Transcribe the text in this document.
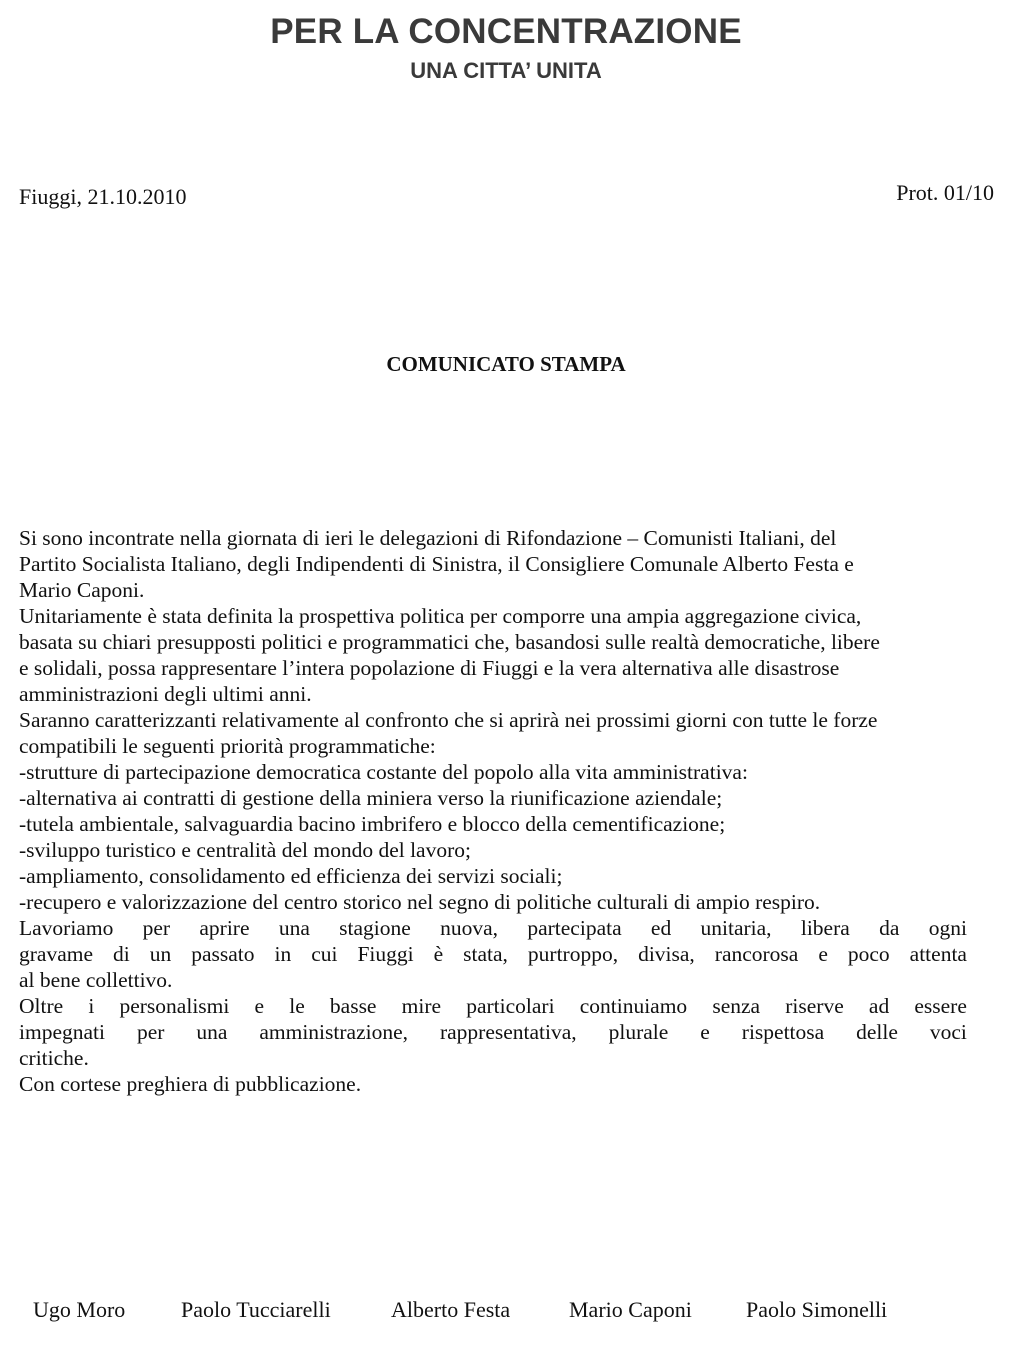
PER LA CONCENTRAZIONE
UNA CITTA’ UNITA
Fiuggi, 21.10.2010	Prot. 01/10
COMUNICATO STAMPA
Si sono incontrate nella giornata di ieri le delegazioni di Rifondazione – Comunisti Italiani, del
Partito Socialista Italiano, degli Indipendenti di Sinistra, il Consigliere Comunale Alberto Festa e
Mario Caponi.
Unitariamente è stata definita la prospettiva politica per comporre una ampia aggregazione civica,
basata su chiari presupposti politici e programmatici che, basandosi sulle realtà democratiche, libere
e solidali, possa rappresentare l’intera popolazione di Fiuggi e la vera alternativa alle disastrose
amministrazioni degli ultimi anni.
Saranno caratterizzanti relativamente al confronto che si aprirà nei prossimi giorni con tutte le forze
compatibili le seguenti priorità programmatiche:
-strutture di partecipazione democratica costante del popolo alla vita amministrativa:
-alternativa ai contratti di gestione della miniera verso la riunificazione aziendale;
-tutela ambientale, salvaguardia bacino imbrifero e blocco della cementificazione;
-sviluppo turistico e centralità del mondo del lavoro;
-ampliamento, consolidamento ed efficienza dei servizi sociali;
-recupero e valorizzazione del centro storico nel segno di politiche culturali di ampio respiro.
Lavoriamo per aprire una stagione nuova, partecipata ed unitaria, libera da ogni
gravame di un passato in cui Fiuggi è stata, purtroppo, divisa, rancorosa e poco attenta
al bene collettivo.
Oltre i personalismi e le basse mire particolari continuiamo senza riserve ad essere
impegnati per una amministrazione, rappresentativa, plurale e rispettosa delle voci
critiche.
Con cortese preghiera di pubblicazione.
Ugo Moro	Paolo Tucciarelli	Alberto Festa	Mario Caponi Paolo Simonelli
